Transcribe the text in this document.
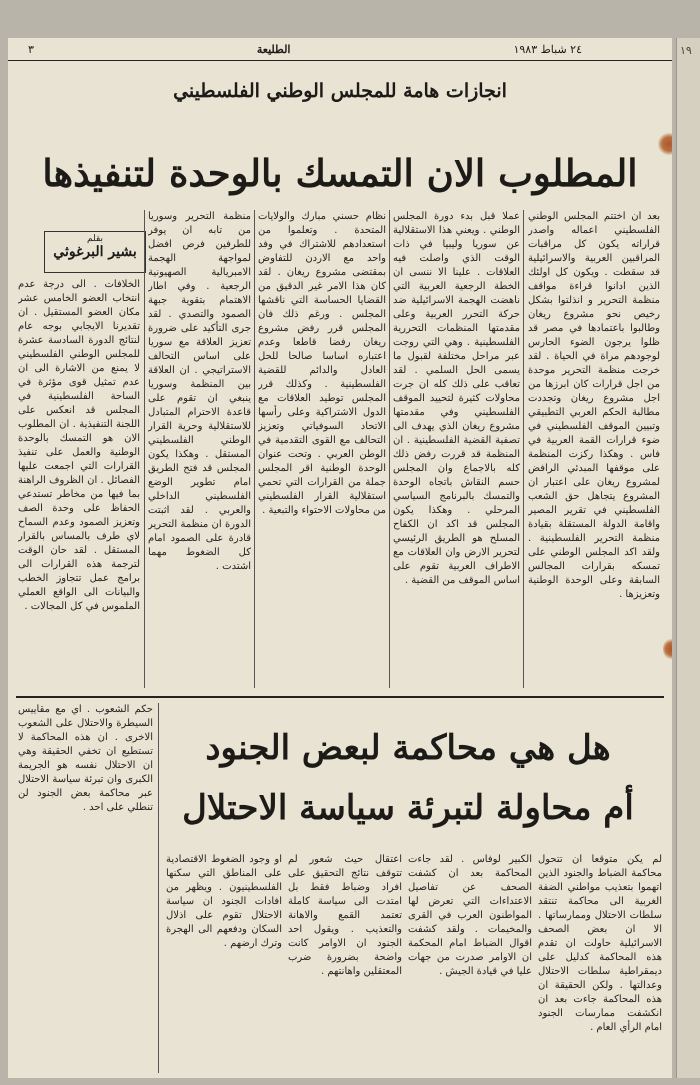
٣	الطليعة	٢٤ شباط ١٩٨٣
انجازات هامة للمجلس الوطني الفلسطيني
المطلوب الان التمسك بالوحدة لتنفيذها
بقلم
بشير البرغوثي
بعد ان اختتم المجلس الوطني الفلسطيني اعماله واصدر قراراته يكون كل مراقبات المراقبين العربية والاسرائيلية قد سقطت . ويكون كل اولئك الذين ادانوا قراءة مواقف منظمة التحرير و انذلتوا بشكل رخيص نحو مشروع ريغان وطالبوا باعتمادها في مصر قد ظلوا يرجون الضوء الحارس لوجودهم مراة في الحياة . لقد خرجت منظمة التحرير موحدة من اجل قرارات كان ابرزها من اجل مشروع ريغان وتجددت مطالبة الحكم العربي التطبيقي وتبيين الموقف الفلسطيني في ضوء قرارات القمة العربية في فاس . وهكذا ركزت المنظمة على موقفها المبدئي الرافض لمشروع ريغان على اعتبار ان المشروع يتجاهل حق الشعب الفلسطيني في تقرير المصير واقامة الدولة المستقلة بقيادة منظمة التحرير الفلسطينية . ولقد اكد المجلس الوطني على تمسكه بقرارات المجالس السابقة وعلى الوحدة الوطنية وتعزيزها .
عملا قبل بدء دورة المجلس الوطني . ويعني هذا الاستقلالية عن سوريا وليبيا في ذات الوقت الذي واصلت فيه العلاقات . علينا الا ننسى ان الخطة الرجعية العربية التي ناهضت الهجمة الاسرائيلية ضد حركة التحرر العربية وعلى مقدمتها المنظمات التحررية الفلسطينية . وهي التي روجت عبر مراحل مختلفة لقبول ما يسمى الحل السلمي . لقد تعاقب على ذلك كله ان جرت محاولات كثيرة لتحييد الموقف الفلسطيني وفي مقدمتها مشروع ريغان الذي يهدف الى تصفية القضية الفلسطينية . ان المنظمة قد قررت رفض ذلك كله بالاجماع وان المجلس حسم النقاش باتجاه الوحدة والتمسك بالبرنامج السياسي المرحلي . وهكذا يكون المجلس قد اكد ان الكفاح المسلح هو الطريق الرئيسي لتحرير الارض وان العلاقات مع الاطراف العربية تقوم على اساس الموقف من القضية .
نظام حسني مبارك والولايات المتحدة . وتعلموا من استعدادهم للاشتراك في وفد واحد مع الاردن للتفاوض بمقتضى مشروع ريغان . لقد كان هذا الامر غير الدقيق من القضايا الحساسة التي ناقشها المجلس . ورغم ذلك فان المجلس قرر رفض مشروع ريغان رفضا قاطعا وعدم اعتباره اساسا صالحا للحل العادل والدائم للقضية الفلسطينية . وكذلك قرر المجلس توطيد العلاقات مع الدول الاشتراكية وعلى رأسها الاتحاد السوفياتي وتعزيز التحالف مع القوى التقدمية في الوطن العربي . وتحت عنوان الوحدة الوطنية اقر المجلس جملة من القرارات التي تحمي استقلالية القرار الفلسطيني من محاولات الاحتواء والتبعية .
منظمة التحرير وسوريا من تابه ان يوفر للطرفين فرص افضل لمواجهة الهجمة الامبريالية الصهيونية الرجعية . وفي اطار الاهتمام بتقوية جبهة الصمود والتصدي . لقد جرى التأكيد على ضرورة تعزيز العلاقة مع سوريا على اساس التحالف الاستراتيجي . ان العلاقة بين المنظمة وسوريا ينبغي ان تقوم على قاعدة الاحترام المتبادل للاستقلالية وحرية القرار الوطني الفلسطيني المستقل . وهكذا يكون المجلس قد فتح الطريق امام تطوير الوضع الفلسطيني الداخلي والعربي . لقد اثبتت الدورة ان منظمة التحرير قادرة على الصمود امام كل الضغوط مهما اشتدت .
الخلافات . الى درجة عدم انتخاب العضو الخامس عشر مكان العضو المستقيل . ان تقديرنا الايجابي بوجه عام لنتائج الدورة السادسة عشرة للمجلس الوطني الفلسطيني لا يمنع من الاشارة الى ان عدم تمثيل قوى مؤثرة في الساحة الفلسطينية في المجلس قد انعكس على اللجنة التنفيذية . ان المطلوب الان هو التمسك بالوحدة الوطنية والعمل على تنفيذ القرارات التي اجمعت عليها الفصائل . ان الظروف الراهنة بما فيها من مخاطر تستدعي الحفاظ على وحدة الصف وتعزيز الصمود وعدم السماح لاي طرف بالمساس بالقرار المستقل . لقد حان الوقت لترجمة هذه القرارات الى برامج عمل تتجاوز الخطب والبيانات الى الواقع العملي الملموس في كل المجالات .
هل هي محاكمة لبعض الجنود
أم محاولة لتبرئة سياسة الاحتلال
حكم الشعوب . اي مع مقاييس السيطرة والاحتلال على الشعوب الاخرى . ان هذه المحاكمة لا تستطيع ان تخفي الحقيقة وهي ان الاحتلال نفسه هو الجريمة الكبرى وان تبرئة سياسة الاحتلال عبر محاكمة بعض الجنود لن تنطلي على احد .
لم يكن متوقعا ان تتحول محاكمة الضباط والجنود الذين اتهموا بتعذيب مواطني الضفة الغربية الى محاكمة تنتقد سلطات الاحتلال وممارساتها . الا ان بعض الصحف الاسرائيلية حاولت ان تقدم هذه المحاكمة كدليل على ديمقراطية سلطات الاحتلال وعدالتها . ولكن الحقيقة ان هذه المحاكمة جاءت بعد ان انكشفت ممارسات الجنود امام الرأي العام .
الكبير لوفاس . لقد جاءت المحاكمة بعد ان كشفت الصحف عن تفاصيل الاعتداءات التي تعرض لها المواطنون العرب في القرى والمخيمات . ولقد كشفت اقوال الضباط امام المحكمة ان الاوامر صدرت من جهات عليا في قيادة الجيش .
اعتقال حيث شعور لم تتوقف نتائج التحقيق على افراد وضباط فقط بل امتدت الى سياسة كاملة تعتمد القمع والاهانة والتعذيب . ويقول احد الجنود ان الاوامر كانت واضحة بضرورة ضرب المعتقلين واهانتهم .
او وجود الضغوط الاقتصادية على المناطق التي سكنها الفلسطينيون . ويظهر من افادات الجنود ان سياسة الاحتلال تقوم على اذلال السكان ودفعهم الى الهجرة وترك ارضهم .
١٩
